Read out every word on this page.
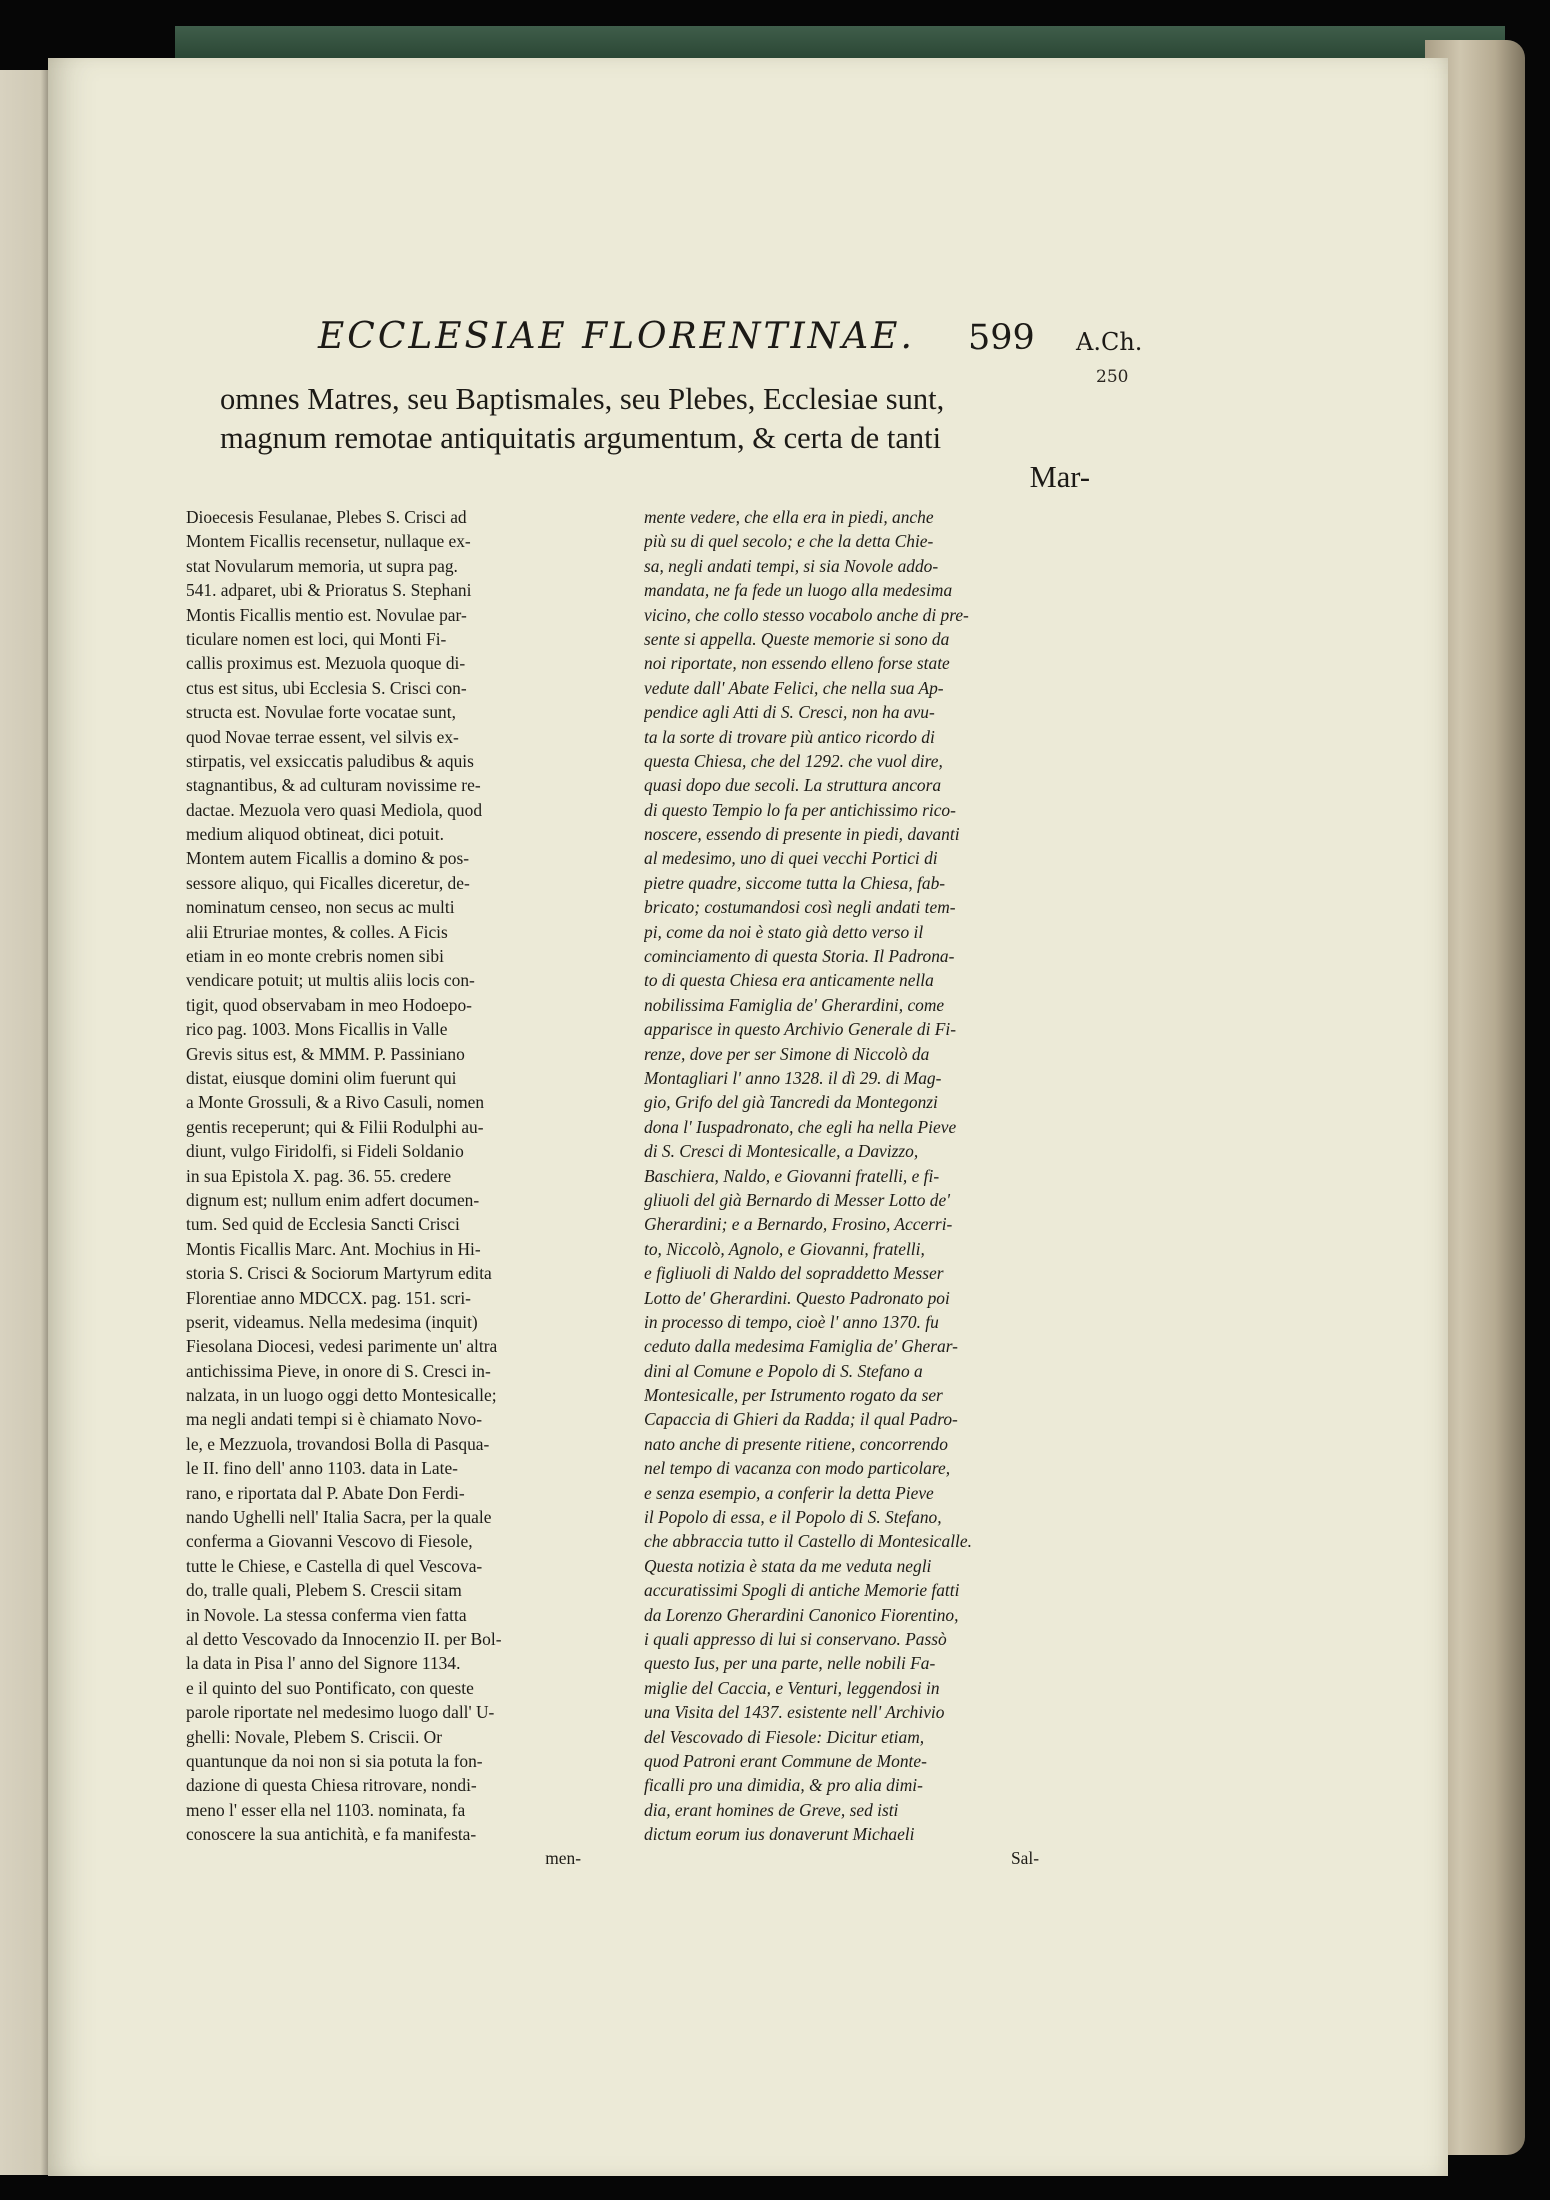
ECCLESIAE FLORENTINAE. 599 A.Ch.
250
omnes Matres, seu Baptismales, seu Plebes, Ecclesiae sunt,
magnum remotae antiquitatis argumentum, & certa de tanti
Mar-
Dioecesis Fesulanae, Plebes S. Crisci ad
Montem Ficallis recensetur, nullaque ex-
stat Novularum memoria, ut supra pag.
541. adparet, ubi & Prioratus S. Stephani
Montis Ficallis mentio est. Novulae par-
ticulare nomen est loci, qui Monti Fi-
callis proximus est. Mezuola quoque di-
ctus est situs, ubi Ecclesia S. Crisci con-
structa est. Novulae forte vocatae sunt,
quod Novae terrae essent, vel silvis ex-
stirpatis, vel exsiccatis paludibus & aquis
stagnantibus, & ad culturam novissime re-
dactae. Mezuola vero quasi Mediola, quod
medium aliquod obtineat, dici potuit.
Montem autem Ficallis a domino & pos-
sessore aliquo, qui Ficalles diceretur, de-
nominatum censeo, non secus ac multi
alii Etruriae montes, & colles. A Ficis
etiam in eo monte crebris nomen sibi
vendicare potuit; ut multis aliis locis con-
tigit, quod observabam in meo Hodoepo-
rico pag. 1003. Mons Ficallis in Valle
Grevis situs est, & MMM. P. Passiniano
distat, eiusque domini olim fuerunt qui
a Monte Grossuli, & a Rivo Casuli, nomen
gentis receperunt; qui & Filii Rodulphi au-
diunt, vulgo Firidolfi, si Fideli Soldanio
in sua Epistola X. pag. 36. 55. credere
dignum est; nullum enim adfert documen-
tum. Sed quid de Ecclesia Sancti Crisci
Montis Ficallis Marc. Ant. Mochius in Hi-
storia S. Crisci & Sociorum Martyrum edita
Florentiae anno MDCCX. pag. 151. scri-
pserit, videamus. Nella medesima (inquit)
Fiesolana Diocesi, vedesi parimente un' altra
antichissima Pieve, in onore di S. Cresci in-
nalzata, in un luogo oggi detto Montesicalle;
ma negli andati tempi si è chiamato Novo-
le, e Mezzuola, trovandosi Bolla di Pasqua-
le II. fino dell' anno 1103. data in Late-
rano, e riportata dal P. Abate Don Ferdi-
nando Ughelli nell' Italia Sacra, per la quale
conferma a Giovanni Vescovo di Fiesole,
tutte le Chiese, e Castella di quel Vescova-
do, tralle quali, Plebem S. Crescii sitam
in Novole. La stessa conferma vien fatta
al detto Vescovado da Innocenzio II. per Bol-
la data in Pisa l' anno del Signore 1134.
e il quinto del suo Pontificato, con queste
parole riportate nel medesimo luogo dall' U-
ghelli: Novale, Plebem S. Criscii. Or
quantunque da noi non si sia potuta la fon-
dazione di questa Chiesa ritrovare, nondi-
meno l' esser ella nel 1103. nominata, fa
conoscere la sua antichità, e fa manifesta-
men-
mente vedere, che ella era in piedi, anche
più su di quel secolo; e che la detta Chie-
sa, negli andati tempi, si sia Novole addo-
mandata, ne fa fede un luogo alla medesima
vicino, che collo stesso vocabolo anche di pre-
sente si appella. Queste memorie si sono da
noi riportate, non essendo elleno forse state
vedute dall' Abate Felici, che nella sua Ap-
pendice agli Atti di S. Cresci, non ha avu-
ta la sorte di trovare più antico ricordo di
questa Chiesa, che del 1292. che vuol dire,
quasi dopo due secoli. La struttura ancora
di questo Tempio lo fa per antichissimo rico-
noscere, essendo di presente in piedi, davanti
al medesimo, uno di quei vecchi Portici di
pietre quadre, siccome tutta la Chiesa, fab-
bricato; costumandosi così negli andati tem-
pi, come da noi è stato già detto verso il
cominciamento di questa Storia. Il Padrona-
to di questa Chiesa era anticamente nella
nobilissima Famiglia de' Gherardini, come
apparisce in questo Archivio Generale di Fi-
renze, dove per ser Simone di Niccolò da
Montagliari l' anno 1328. il dì 29. di Mag-
gio, Grifo del già Tancredi da Montegonzi
dona l' Iuspadronato, che egli ha nella Pieve
di S. Cresci di Montesicalle, a Davizzo,
Baschiera, Naldo, e Giovanni fratelli, e fi-
gliuoli del già Bernardo di Messer Lotto de'
Gherardini; e a Bernardo, Frosino, Accerri-
to, Niccolò, Agnolo, e Giovanni, fratelli,
e figliuoli di Naldo del sopraddetto Messer
Lotto de' Gherardini. Questo Padronato poi
in processo di tempo, cioè l' anno 1370. fu
ceduto dalla medesima Famiglia de' Gherar-
dini al Comune e Popolo di S. Stefano a
Montesicalle, per Istrumento rogato da ser
Capaccia di Ghieri da Radda; il qual Padro-
nato anche di presente ritiene, concorrendo
nel tempo di vacanza con modo particolare,
e senza esempio, a conferir la detta Pieve
il Popolo di essa, e il Popolo di S. Stefano,
che abbraccia tutto il Castello di Montesicalle.
Questa notizia è stata da me veduta negli
accuratissimi Spogli di antiche Memorie fatti
da Lorenzo Gherardini Canonico Fiorentino,
i quali appresso di lui si conservano. Passò
questo Ius, per una parte, nelle nobili Fa-
miglie del Caccia, e Venturi, leggendosi in
una Visita del 1437. esistente nell' Archivio
del Vescovado di Fiesole: Dicitur etiam,
quod Patroni erant Commune de Monte-
ficalli pro una dimidia, & pro alia dimi-
dia, erant homines de Greve, sed isti
dictum eorum ius donaverunt Michaeli
Sal-
